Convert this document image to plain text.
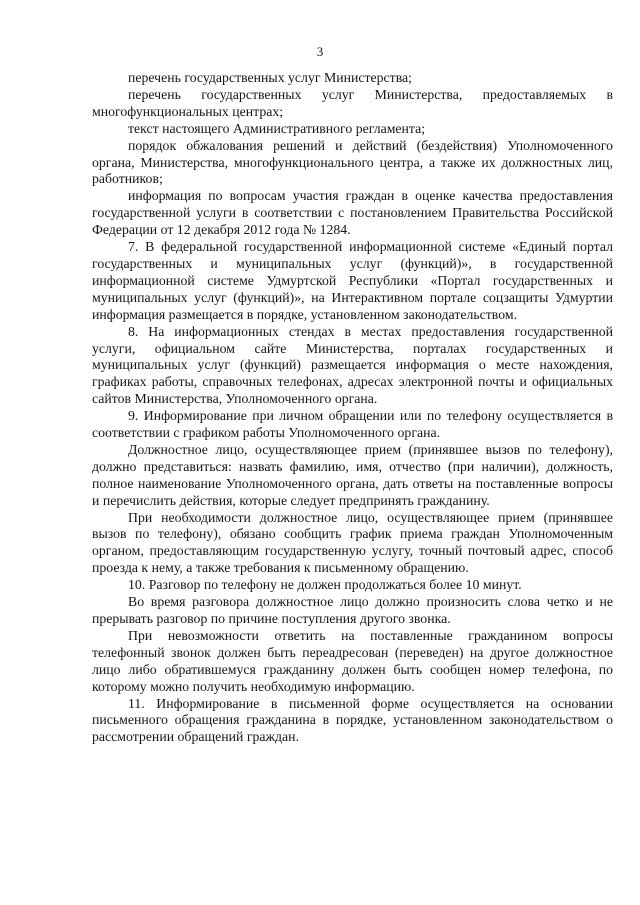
3

перечень государственных услуг Министерства;

перечень государственных услуг Министерства, предоставляемых в многофункциональных центрах;

текст настоящего Административного регламента;

порядок обжалования решений и действий (бездействия) Уполномоченного органа, Министерства, многофункционального центра, а также их должностных лиц, работников;

информация по вопросам участия граждан в оценке качества предоставления государственной услуги в соответствии с постановлением Правительства Российской Федерации от 12 декабря 2012 года № 1284.

7. В федеральной государственной информационной системе «Единый портал государственных и муниципальных услуг (функций)», в государственной информационной системе Удмуртской Республики «Портал государственных и муниципальных услуг (функций)», на Интерактивном портале соцзащиты Удмуртии информация размещается в порядке, установленном законодательством.

8. На информационных стендах в местах предоставления государственной услуги, официальном сайте Министерства, порталах государственных и муниципальных услуг (функций) размещается информация о месте нахождения, графиках работы, справочных телефонах, адресах электронной почты и официальных сайтов Министерства, Уполномоченного органа.

9. Информирование при личном обращении или по телефону осуществляется в соответствии с графиком работы Уполномоченного органа.

Должностное лицо, осуществляющее прием (принявшее вызов по телефону), должно представиться: назвать фамилию, имя, отчество (при наличии), должность, полное наименование Уполномоченного органа, дать ответы на поставленные вопросы и перечислить действия, которые следует предпринять гражданину.

При необходимости должностное лицо, осуществляющее прием (принявшее вызов по телефону), обязано сообщить график приема граждан Уполномоченным органом, предоставляющим государственную услугу, точный почтовый адрес, способ проезда к нему, а также требования к письменному обращению.

10. Разговор по телефону не должен продолжаться более 10 минут.

Во время разговора должностное лицо должно произносить слова четко и не прерывать разговор по причине поступления другого звонка.

При невозможности ответить на поставленные гражданином вопросы телефонный звонок должен быть переадресован (переведен) на другое должностное лицо либо обратившемуся гражданину должен быть сообщен номер телефона, по которому можно получить необходимую информацию.

11. Информирование в письменной форме осуществляется на основании письменного обращения гражданина в порядке, установленном законодательством о рассмотрении обращений граждан.
